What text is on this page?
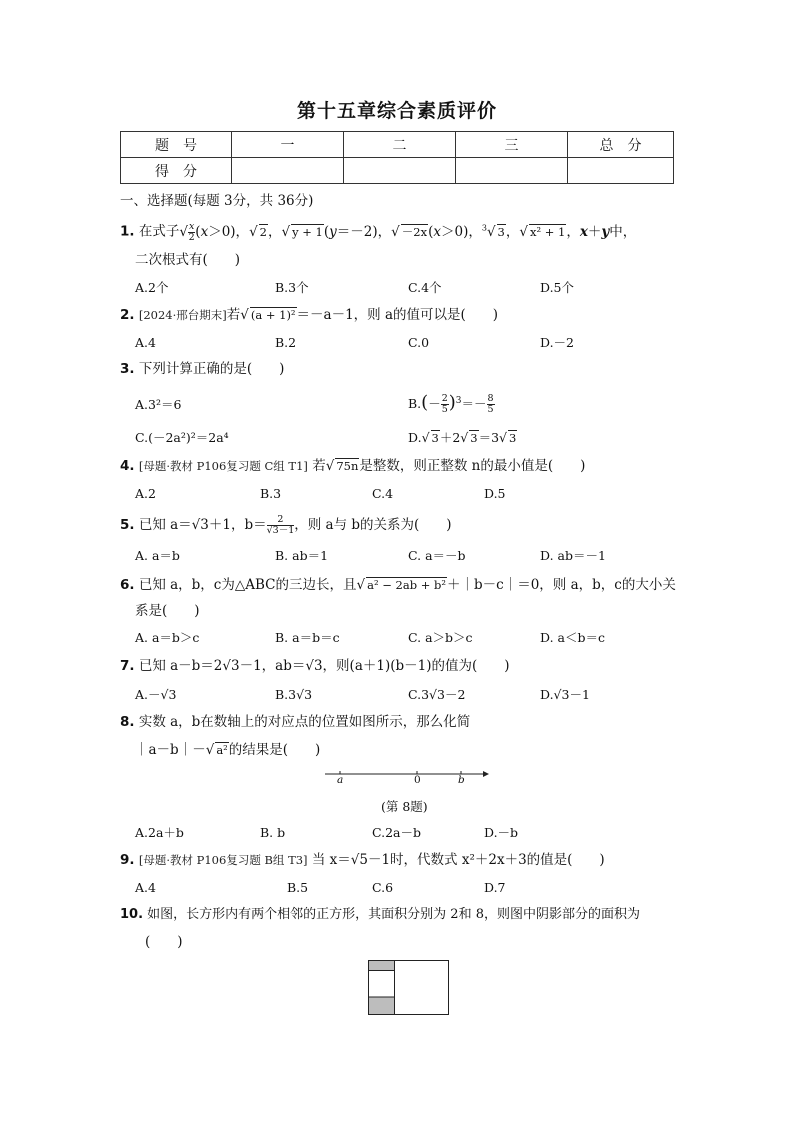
第十五章综合素质评价
题　号	一	二	三	总　分
得　分				
一、选择题(每题 3分，共 36分)
1. 在式子√ $\frac{x}{2} (x>0)$，√ 2，√ y + 1(y＝－2)，√ －2x(x＞0)，$^3$√ 3，√ x² + 1，x＋y中，
二次根式有(　　)
A.2个	B.3个	C.4个	D.5个
2. [2024·邢台期末]若√ (a + 1)²＝－a－1，则 a的值可以是(　　)
A.4	B.2	C.0	D.－2
3. 下列计算正确的是(　　)
A.3²＝6	$B.(- \frac{2}{5} )^3=- \frac{8}{5}$
C.(－2a²)²＝2a⁴	D.√ 3＋2√ 3＝3√ 3
4. [母题·教材 P106复习题 C组 T1] 若√ 75n是整数，则正整数 n的最小值是(　　)
A.2	B.3	C.4	D.5
5. 已知 a＝√3＋1，$b= \frac{2}{√3-1}$ ，则 a与 b的关系为(　　)
A. a＝b	B. ab＝1	C. a＝－b	D. ab＝－1
6. 已知 a，b，c为△ABC的三边长，且√ a² − 2ab + b²＋｜b－c｜＝0，则 a，b，c的大小关
系是(　　)
A. a＝b＞c	B. a＝b＝c	C. a＞b＞c	D. a＜b＝c
7. 已知 a－b＝2√3－1，ab＝√3，则(a＋1)(b－1)的值为(　　)
A.－√3	B.3√3	C.3√3－2	D.√3－1
8. 实数 a，b在数轴上的对应点的位置如图所示，那么化简
｜a－b｜－√ a²的结果是(　　)
a	0	b
(第 8题)
A.2a＋b	B. b	C.2a－b	D.－b
9. [母题·教材 P106复习题 B组 T3] 当 x＝√5－1时，代数式 x²＋2x＋3的值是(　　)
A.4	B.5	C.6	D.7
10. 如图，长方形内有两个相邻的正方形，其面积分别为 2和 8，则图中阴影部分的面积为
(　　)
